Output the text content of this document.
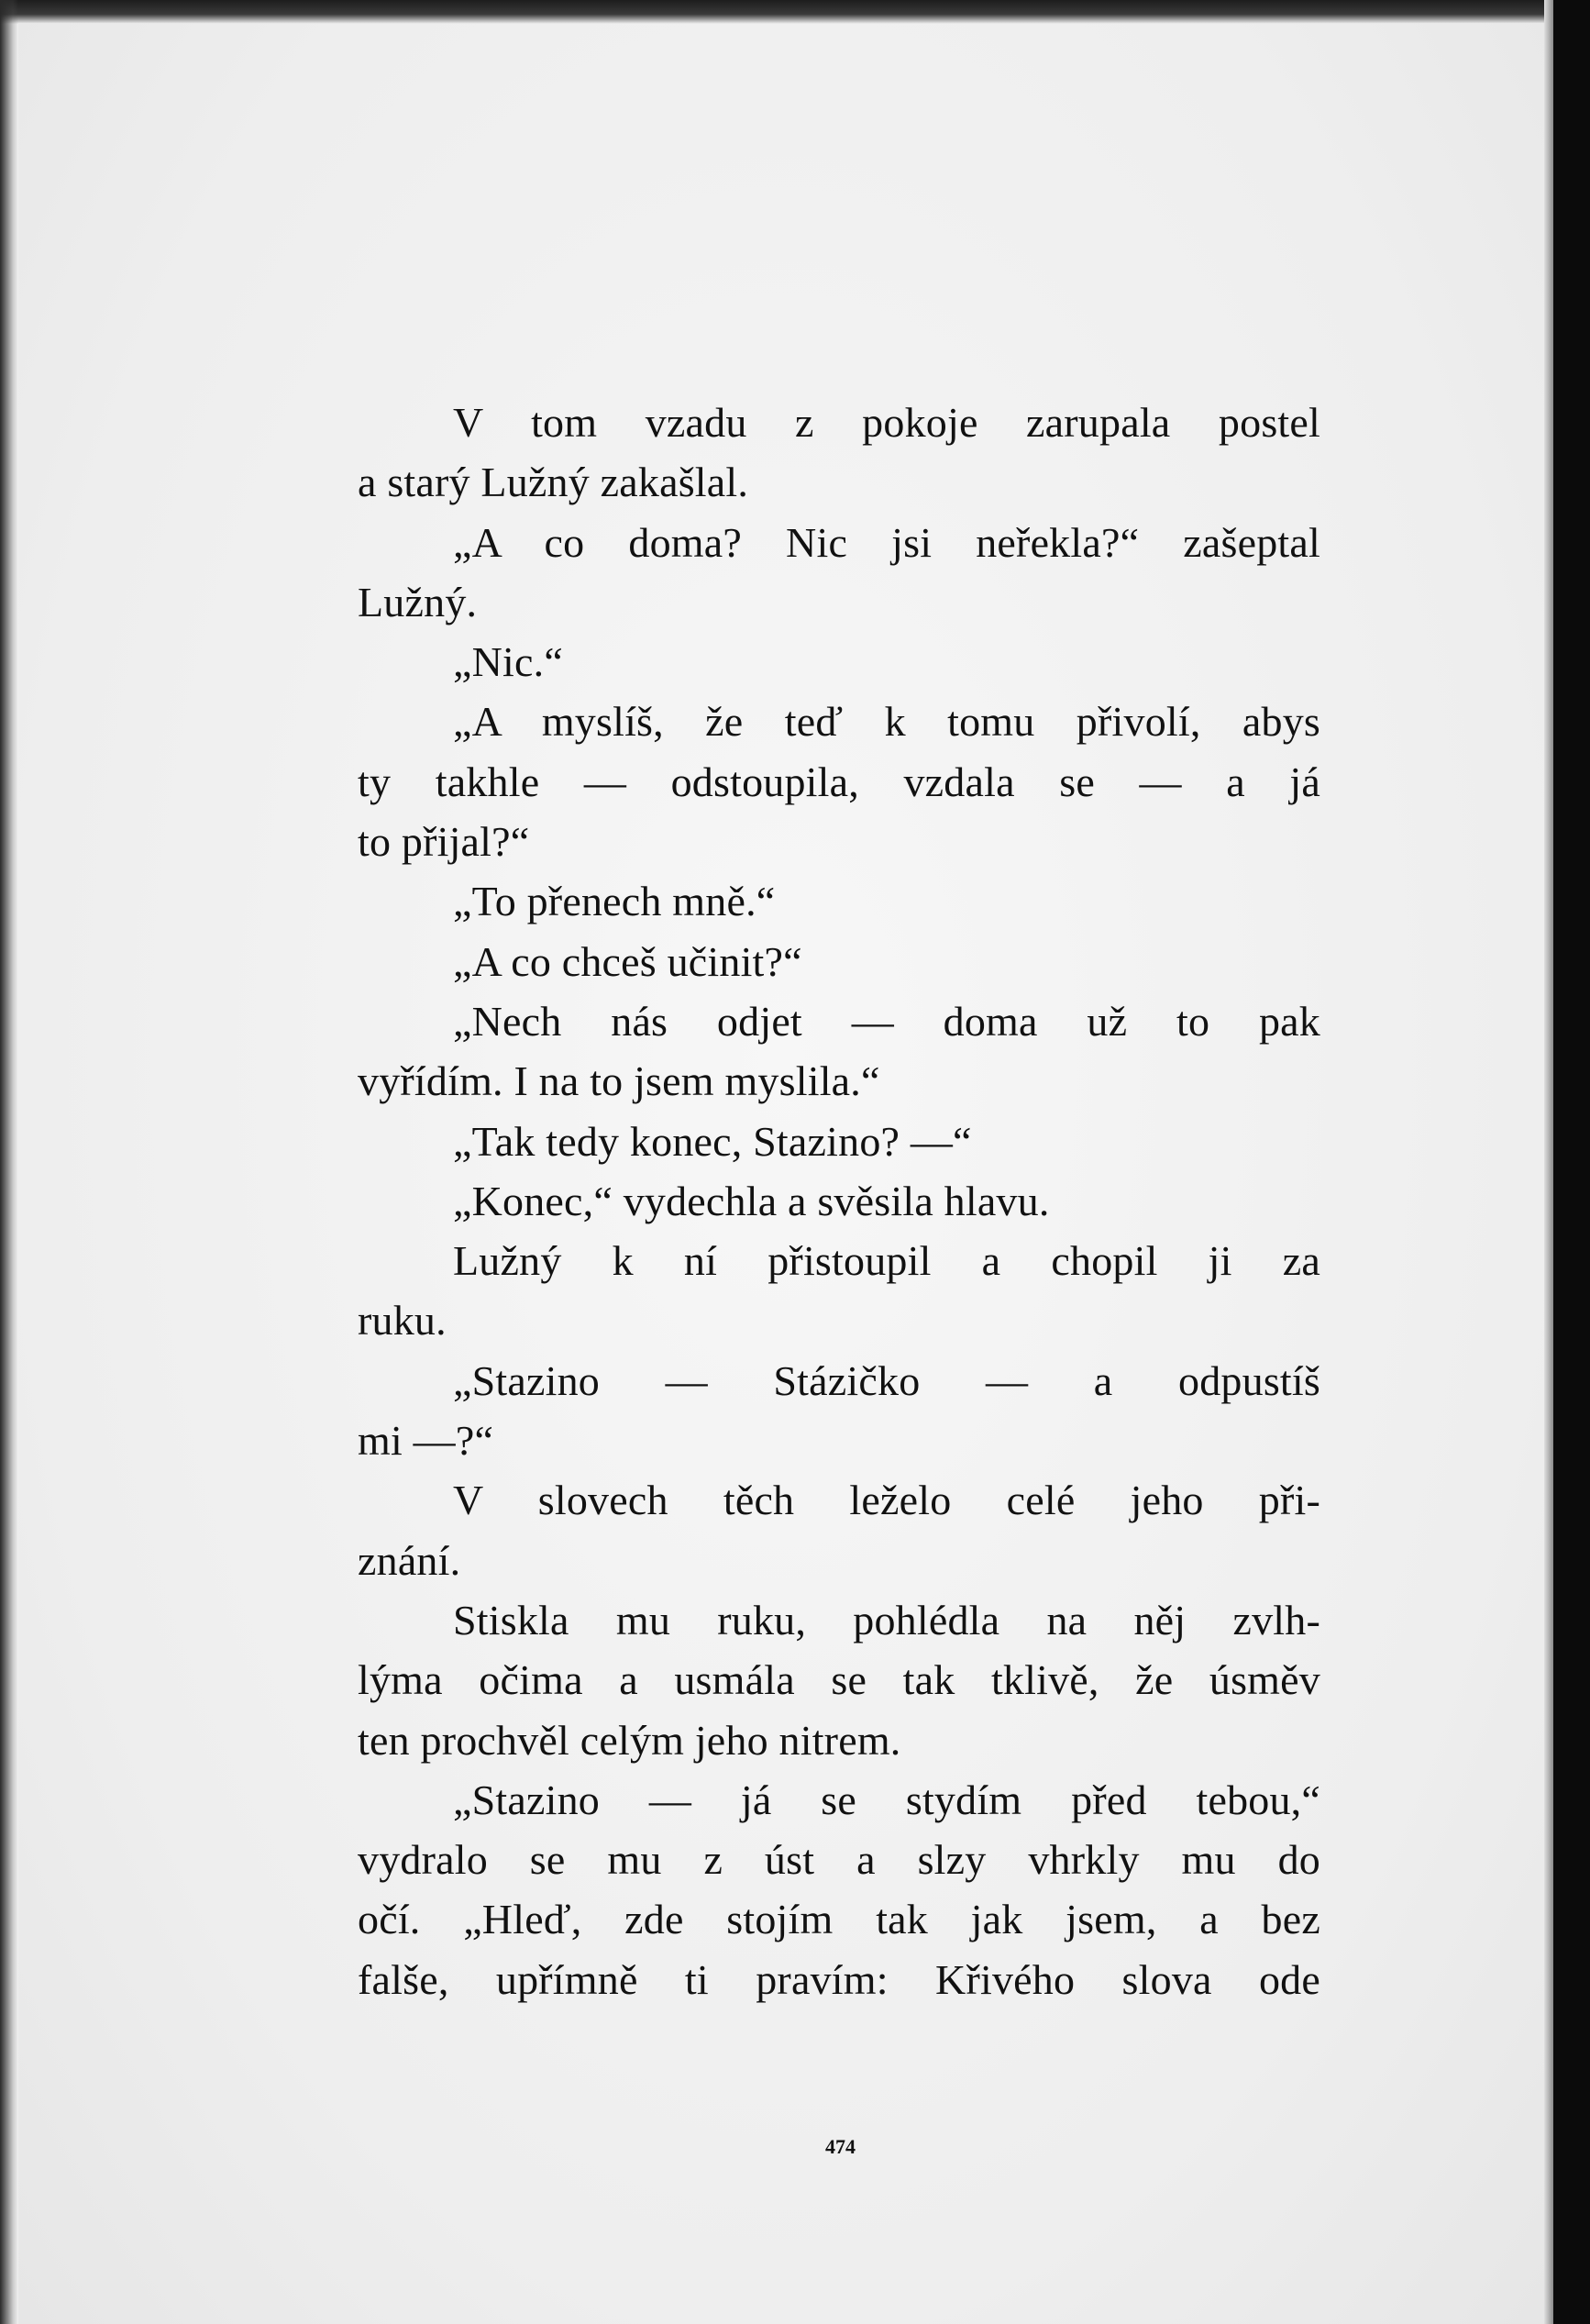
V tom vzadu z pokoje zarupala postel
a starý Lužný zakašlal.
„A co doma? Nic jsi neřekla?“ zašeptal
Lužný.
„Nic.“
„A myslíš, že teď k tomu přivolí, abys
ty takhle — odstoupila, vzdala se — a já
to přijal?“
„To přenech mně.“
„A co chceš učinit?“
„Nech nás odjet — doma už to pak
vyřídím. I na to jsem myslila.“
„Tak tedy konec, Stazino? —“
„Konec,“ vydechla a svěsila hlavu.
Lužný k ní přistoupil a chopil ji za
ruku.
„Stazino — Stázičko — a odpustíš
mi —?“
V slovech těch leželo celé jeho při-
znání.
Stiskla mu ruku, pohlédla na něj zvlh-
lýma očima a usmála se tak tklivě, že úsměv
ten prochvěl celým jeho nitrem.
„Stazino — já se stydím před tebou,“
vydralo se mu z úst a slzy vhrkly mu do
očí. „Hleď, zde stojím tak jak jsem, a bez
falše, upřímně ti pravím: Křivého slova ode
474
